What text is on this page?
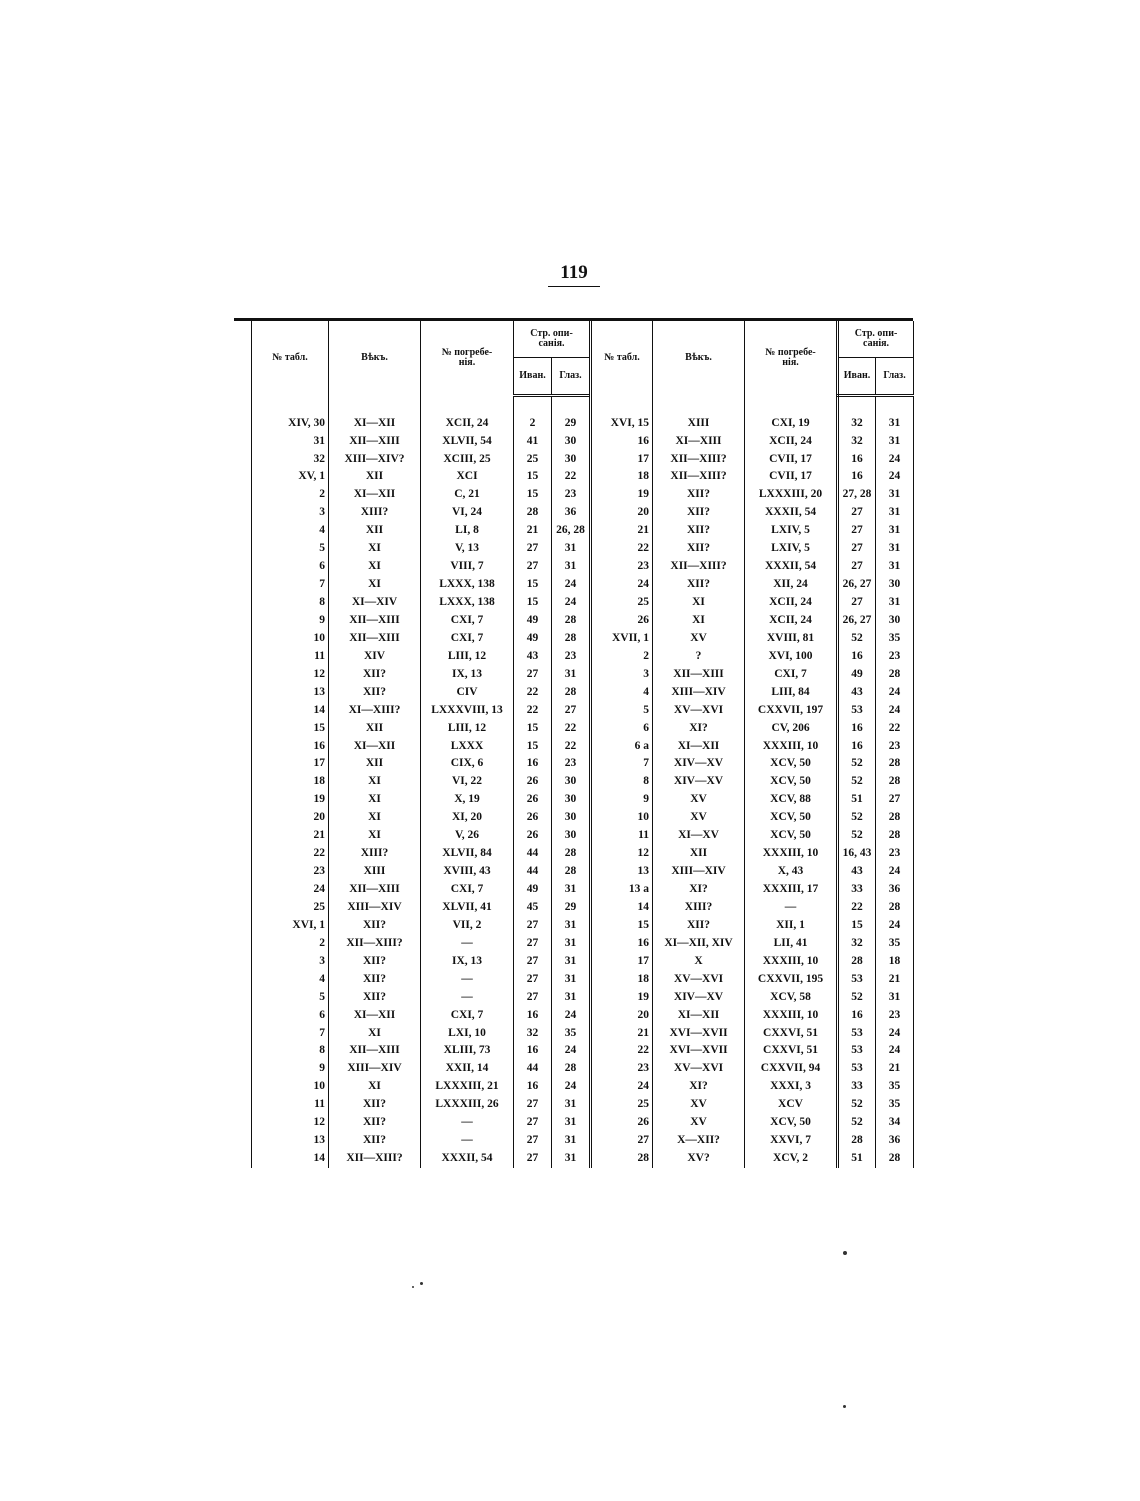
119
№ табл.	Вѣкъ.	№ погребе-
нія.	Стр. опи-
санія.		№ табл.	Вѣкъ.	№ погребе-
нія.	Стр. опи-
санія.	
			Иван.	Глаз.				Иван.	Глаз.

XIV, 30	XI—XII	XCII, 24	2	29	XVI, 15	XIII	CXI, 19	32	31
31	XII—XIII	XLVII, 54	41	30	16	XI—XIII	XCII, 24	32	31
32	XIII—XIV?	XCIII, 25	25	30	17	XII—XIII?	CVII, 17	16	24
XV, 1	XII	XCI	15	22	18	XII—XIII?	CVII, 17	16	24
2	XI—XII	C, 21	15	23	19	XII?	LXXXIII, 20	27, 28	31
3	XIII?	VI, 24	28	36	20	XII?	XXXII, 54	27	31
4	XII	LI, 8	21	26, 28	21	XII?	LXIV, 5	27	31
5	XI	V, 13	27	31	22	XII?	LXIV, 5	27	31
6	XI	VIII, 7	27	31	23	XII—XIII?	XXXII, 54	27	31
7	XI	LXXX, 138	15	24	24	XII?	XII, 24	26, 27	30
8	XI—XIV	LXXX, 138	15	24	25	XI	XCII, 24	27	31
9	XII—XIII	CXI, 7	49	28	26	XI	XCII, 24	26, 27	30
10	XII—XIII	CXI, 7	49	28	XVII, 1	XV	XVIII, 81	52	35
11	XIV	LIII, 12	43	23	2	?	XVI, 100	16	23
12	XII?	IX, 13	27	31	3	XII—XIII	CXI, 7	49	28
13	XII?	CIV	22	28	4	XIII—XIV	LIII, 84	43	24
14	XI—XIII?	LXXXVIII, 13	22	27	5	XV—XVI	CXXVII, 197	53	24
15	XII	LIII, 12	15	22	6	XI?	CV, 206	16	22
16	XI—XII	LXXX	15	22	6 a	XI—XII	XXXIII, 10	16	23
17	XII	CIX, 6	16	23	7	XIV—XV	XCV, 50	52	28
18	XI	VI, 22	26	30	8	XIV—XV	XCV, 50	52	28
19	XI	X, 19	26	30	9	XV	XCV, 88	51	27
20	XI	XI, 20	26	30	10	XV	XCV, 50	52	28
21	XI	V, 26	26	30	11	XI—XV	XCV, 50	52	28
22	XIII?	XLVII, 84	44	28	12	XII	XXXIII, 10	16, 43	23
23	XIII	XVIII, 43	44	28	13	XIII—XIV	X, 43	43	24
24	XII—XIII	CXI, 7	49	31	13 a	XI?	XXXIII, 17	33	36
25	XIII—XIV	XLVII, 41	45	29	14	XIII?	—	22	28
XVI, 1	XII?	VII, 2	27	31	15	XII?	XII, 1	15	24
2	XII—XIII?	—	27	31	16	XI—XII, XIV	LII, 41	32	35
3	XII?	IX, 13	27	31	17	X	XXXIII, 10	28	18
4	XII?	—	27	31	18	XV—XVI	CXXVII, 195	53	21
5	XII?	—	27	31	19	XIV—XV	XCV, 58	52	31
6	XI—XII	CXI, 7	16	24	20	XI—XII	XXXIII, 10	16	23
7	XI	LXI, 10	32	35	21	XVI—XVII	CXXVI, 51	53	24
8	XII—XIII	XLIII, 73	16	24	22	XVI—XVII	CXXVI, 51	53	24
9	XIII—XIV	XXII, 14	44	28	23	XV—XVI	CXXVII, 94	53	21
10	XI	LXXXIII, 21	16	24	24	XI?	XXXI, 3	33	35
11	XII?	LXXXIII, 26	27	31	25	XV	XCV	52	35
12	XII?	—	27	31	26	XV	XCV, 50	52	34
13	XII?	—	27	31	27	X—XII?	XXVI, 7	28	36
14	XII—XIII?	XXXII, 54	27	31	28	XV?	XCV, 2	51	28
